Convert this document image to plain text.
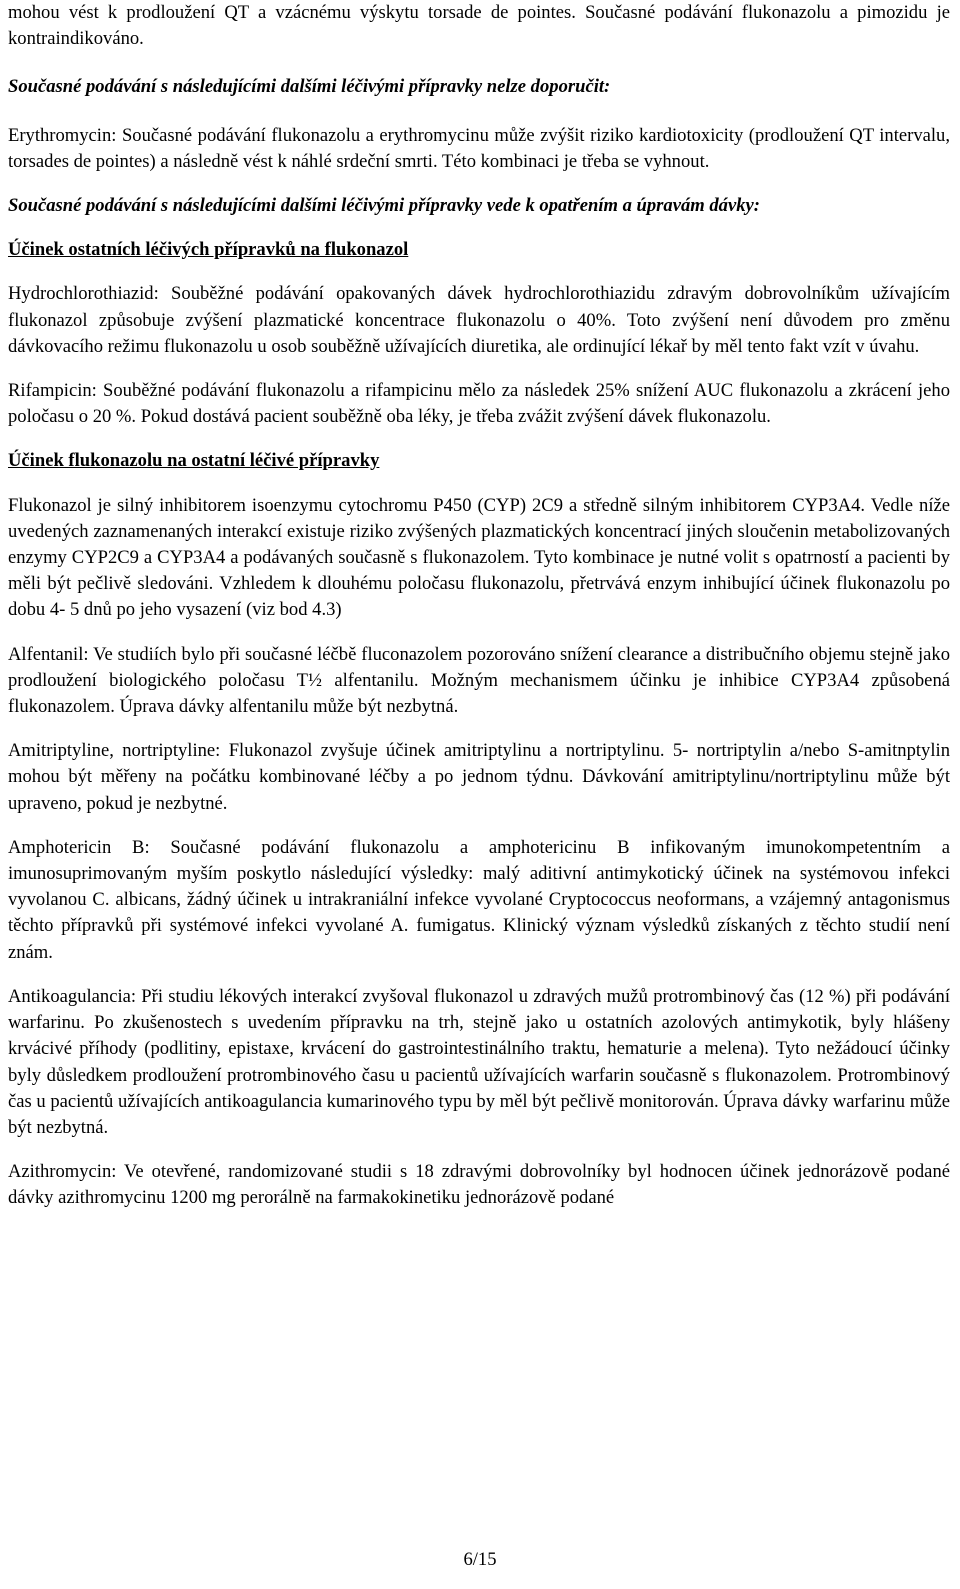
mohou vést k prodloužení QT a vzácnému výskytu torsade de pointes. Současné podávání flukonazolu a pimozidu je kontraindikováno.

Současné podávání s následujícími dalšími léčivými přípravky nelze doporučit:

Erythromycin: Současné podávání flukonazolu a erythromycinu může zvýšit riziko kardiotoxicity (prodloužení QT intervalu, torsades de pointes) a následně vést k náhlé srdeční smrti. Této kombinaci je třeba se vyhnout.

Současné podávání s následujícími dalšími léčivými přípravky vede k opatřením a úpravám dávky:

Účinek ostatních léčivých přípravků na flukonazol

Hydrochlorothiazid: Souběžné podávání opakovaných dávek hydrochlorothiazidu zdravým dobrovolníkům užívajícím flukonazol způsobuje zvýšení plazmatické koncentrace flukonazolu o 40%. Toto zvýšení není důvodem pro změnu dávkovacího režimu flukonazolu u osob souběžně užívajících diuretika, ale ordinující lékař by měl tento fakt vzít v úvahu.

Rifampicin: Souběžné podávání flukonazolu a rifampicinu mělo za následek 25% snížení AUC flukonazolu a zkrácení jeho poločasu o 20 %. Pokud dostává pacient souběžně oba léky, je třeba zvážit zvýšení dávek flukonazolu.

Účinek flukonazolu na ostatní léčivé přípravky

Flukonazol je silný inhibitorem isoenzymu cytochromu P450 (CYP) 2C9 a středně silným inhibitorem CYP3A4. Vedle níže uvedených zaznamenaných interakcí existuje riziko zvýšených plazmatických koncentrací jiných sloučenin metabolizovaných enzymy CYP2C9 a CYP3A4 a podávaných současně s flukonazolem. Tyto kombinace je nutné volit s opatrností a pacienti by měli být pečlivě sledováni. Vzhledem k dlouhému poločasu flukonazolu, přetrvává enzym inhibující účinek flukonazolu po dobu 4- 5 dnů po jeho vysazení (viz bod 4.3)

Alfentanil: Ve studiích bylo při současné léčbě fluconazolem pozorováno snížení clearance a distribučního objemu stejně jako prodloužení biologického poločasu T½ alfentanilu. Možným mechanismem účinku je inhibice CYP3A4 způsobená flukonazolem. Úprava dávky alfentanilu může být nezbytná.

Amitriptyline, nortriptyline: Flukonazol zvyšuje účinek amitriptylinu a nortriptylinu. 5- nortriptylin a/nebo S-amitnptylin mohou být měřeny na počátku kombinované léčby a po jednom týdnu. Dávkování amitriptylinu/nortriptylinu může být upraveno, pokud je nezbytné.

Amphotericin B: Současné podávání flukonazolu a amphotericinu B infikovaným imunokompetentním a imunosuprimovaným myším poskytlo následující výsledky: malý aditivní antimykotický účinek na systémovou infekci vyvolanou C. albicans, žádný účinek u intrakraniální infekce vyvolané Cryptococcus neoformans, a vzájemný antagonismus těchto přípravků při systémové infekci vyvolané A. fumigatus. Klinický význam výsledků získaných z těchto studií není znám.

Antikoagulancia: Při studiu lékových interakcí zvyšoval flukonazol u zdravých mužů protrombinový čas (12 %) při podávání warfarinu. Po zkušenostech s uvedením přípravku na trh, stejně jako u ostatních azolových antimykotik, byly hlášeny krvácivé příhody (podlitiny, epistaxe, krvácení do gastrointestinálního traktu, hematurie a melena). Tyto nežádoucí účinky byly důsledkem prodloužení protrombinového času u pacientů užívajících warfarin současně s flukonazolem. Protrombinový čas u pacientů užívajících antikoagulancia kumarinového typu by měl být pečlivě monitorován. Úprava dávky warfarinu může být nezbytná.

Azithromycin: Ve otevřené, randomizované studii s 18 zdravými dobrovolníky byl hodnocen účinek jednorázově podané dávky azithromycinu 1200 mg perorálně na farmakokinetiku jednorázově podané

6/15
